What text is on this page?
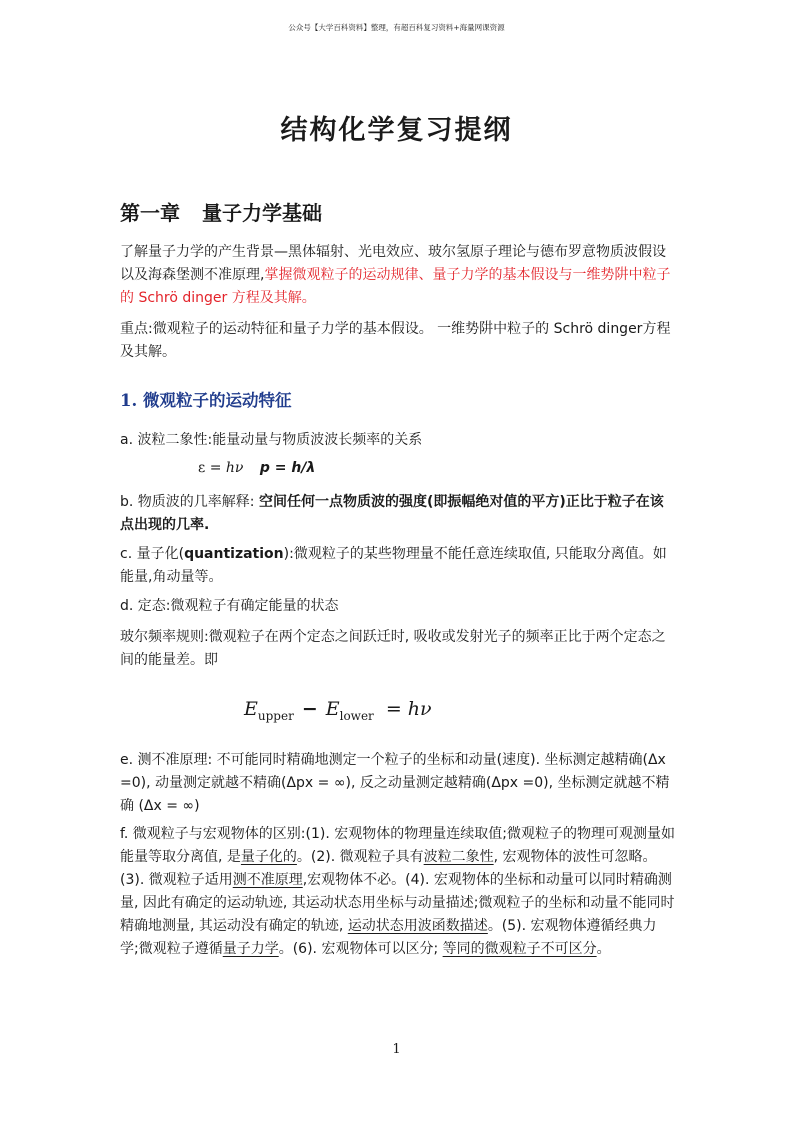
公众号【大学百科资料】整理，有超百科复习资料+海量网课资源
结构化学复习提纲
第一章 量子力学基础
了解量子力学的产生背景—黑体辐射、光电效应、玻尔氢原子理论与德布罗意物质波假设以及海森堡测不准原理,掌握微观粒子的运动规律、量子力学的基本假设与一维势阱中粒子的 Schrö dinger 方程及其解。
重点:微观粒子的运动特征和量子力学的基本假设。 一维势阱中粒子的 Schrö dinger方程及其解。
1. 微观粒子的运动特征
a. 波粒二象性:能量动量与物质波波长频率的关系
ε = hν p = h/λ
b. 物质波的几率解释: 空间任何一点物质波的强度(即振幅绝对值的平方)正比于粒子在该点出现的几率.
c. 量子化(quantization):微观粒子的某些物理量不能任意连续取值, 只能取分离值。如能量,角动量等。
d. 定态:微观粒子有确定能量的状态
玻尔频率规则:微观粒子在两个定态之间跃迁时, 吸收或发射光子的频率正比于两个定态之间的能量差。即
$E_{upper} - E_{lower} = h\nu$
e. 测不准原理: 不可能同时精确地测定一个粒子的坐标和动量(速度). 坐标测定越精确(Δx =0), 动量测定就越不精确(Δpx = ∞), 反之动量测定越精确(Δpx =0), 坐标测定就越不精确 (Δx = ∞)
f. 微观粒子与宏观物体的区别:(1). 宏观物体的物理量连续取值;微观粒子的物理可观测量如能量等取分离值, 是量子化的。(2). 微观粒子具有波粒二象性, 宏观物体的波性可忽略。(3). 微观粒子适用测不准原理,宏观物体不必。(4). 宏观物体的坐标和动量可以同时精确测量, 因此有确定的运动轨迹, 其运动状态用坐标与动量描述;微观粒子的坐标和动量不能同时精确地测量, 其运动没有确定的轨迹, 运动状态用波函数描述。(5). 宏观物体遵循经典力学;微观粒子遵循量子力学。(6). 宏观物体可以区分; 等同的微观粒子不可区分。
1
